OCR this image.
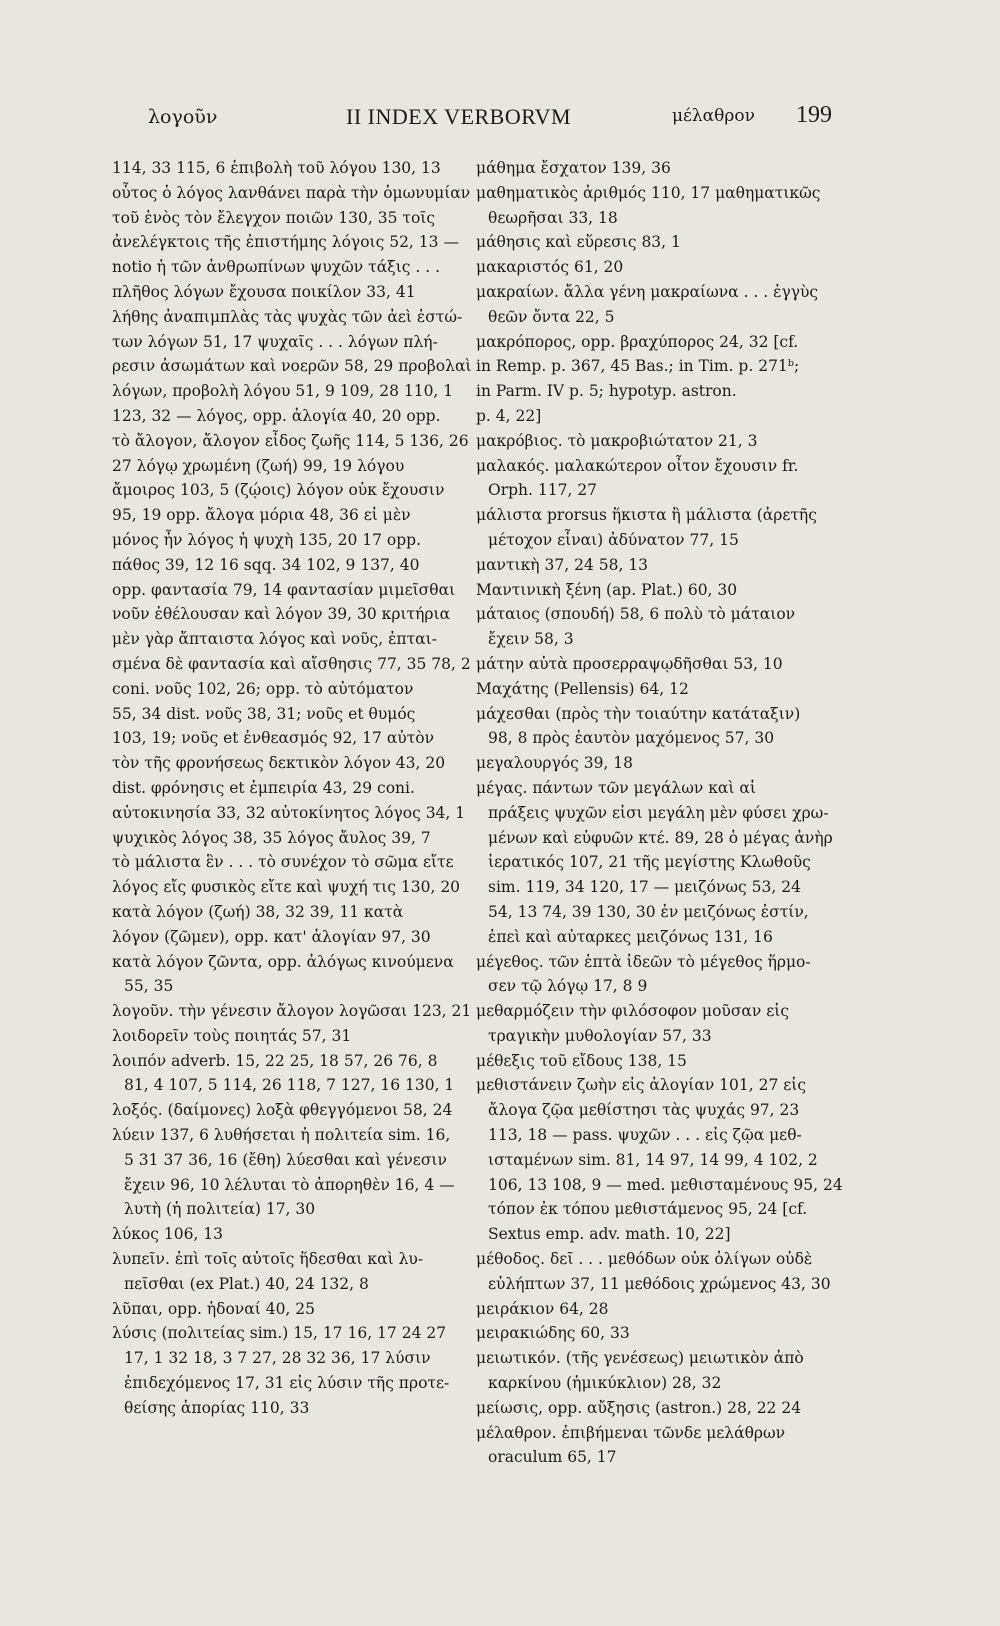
λογοῦν	II INDEX VERBORVM	μέλαθρον 199
114, 33 115, 6 ἐπιβολὴ τοῦ λόγου 130, 13
οὗτος ὁ λόγος λανθάνει παρὰ τὴν ὁμωνυμίαν
τοῦ ἑνὸς τὸν ἔλεγχον ποιῶν 130, 35 τοῖς
ἀνελέγκτοις τῆς ἐπιστήμης λόγοις 52, 13 —
notio ἡ τῶν ἀνθρωπίνων ψυχῶν τάξις . . .
πλῆθος λόγων ἔχουσα ποικίλον 33, 41
λήθης ἀναπιμπλὰς τὰς ψυχὰς τῶν ἀεὶ ἐστώ-
των λόγων 51, 17 ψυχαῖς . . . λόγων πλή-
ρεσιν ἀσωμάτων καὶ νοερῶν 58, 29 προβολαὶ
λόγων, προβολὴ λόγου 51, 9 109, 28 110, 1
123, 32 — λόγος, opp. ἀλογία 40, 20 opp.
τὸ ἄλογον, ἄλογον εἶδος ζωῆς 114, 5 136, 26
27 λόγῳ χρωμένη (ζωή) 99, 19 λόγου
ἄμοιρος 103, 5 (ζῴοις) λόγον οὐκ ἔχουσιν
95, 19 opp. ἄλογα μόρια 48, 36 εἰ μὲν
μόνος ἦν λόγος ἡ ψυχὴ 135, 20 17 opp.
πάθος 39, 12 16 sqq. 34 102, 9 137, 40
opp. φαντασία 79, 14 φαντασίαν μιμεῖσθαι
νοῦν ἐθέλουσαν καὶ λόγον 39, 30 κριτήρια
μὲν γὰρ ἄπταιστα λόγος καὶ νοῦς, ἐπται-
σμένα δὲ φαντασία καὶ αἴσθησις 77, 35 78, 2
coni. νοῦς 102, 26; opp. τὸ αὐτόματον
55, 34 dist. νοῦς 38, 31; νοῦς et θυμός
103, 19; νοῦς et ἐνθεασμός 92, 17 αὐτὸν
τὸν τῆς φρονήσεως δεκτικὸν λόγον 43, 20
dist. φρόνησις et ἐμπειρία 43, 29 coni.
αὐτοκινησία 33, 32 αὐτοκίνητος λόγος 34, 1
ψυχικὸς λόγος 38, 35 λόγος ἄυλος 39, 7
τὸ μάλιστα ἓν . . . τὸ συνέχον τὸ σῶμα εἴτε
λόγος εἴς φυσικὸς εἴτε καὶ ψυχή τις 130, 20
κατὰ λόγον (ζωή) 38, 32 39, 11 κατὰ
λόγον (ζῶμεν), opp. κατ' ἀλογίαν 97, 30
κατὰ λόγον ζῶντα, opp. ἀλόγως κινούμενα
55, 35
λογοῦν. τὴν γένεσιν ἄλογον λογῶσαι 123, 21
λοιδορεῖν τοὺς ποιητάς 57, 31
λοιπόν adverb. 15, 22 25, 18 57, 26 76, 8
81, 4 107, 5 114, 26 118, 7 127, 16 130, 1
λοξός. (δαίμονες) λοξὰ φθεγγόμενοι 58, 24
λύειν 137, 6 λυθήσεται ἡ πολιτεία sim. 16,
5 31 37 36, 16 (ἔθη) λύεσθαι καὶ γένεσιν
ἔχειν 96, 10 λέλυται τὸ ἀπορηθὲν 16, 4 —
λυτὴ (ἡ πολιτεία) 17, 30
λύκος 106, 13
λυπεῖν. ἐπὶ τοῖς αὐτοῖς ἥδεσθαι καὶ λυ-
πεῖσθαι (ex Plat.) 40, 24 132, 8
λῦπαι, opp. ἡδοναί 40, 25
λύσις (πολιτείας sim.) 15, 17 16, 17 24 27
17, 1 32 18, 3 7 27, 28 32 36, 17 λύσιν
ἐπιδεχόμενος 17, 31 εἰς λύσιν τῆς προτε-
θείσης ἀπορίας 110, 33
μάθημα ἔσχατον 139, 36
μαθηματικὸς ἀριθμός 110, 17 μαθηματικῶς
θεωρῆσαι 33, 18
μάθησις καὶ εὕρεσις 83, 1
μακαριστός 61, 20
μακραίων. ἄλλα γένη μακραίωνα . . . ἐγγὺς
θεῶν ὄντα 22, 5
μακρόπορος, opp. βραχύπορος 24, 32 [cf.
in Remp. p. 367, 45 Bas.; in Tim. p. 271ᵇ;
in Parm. IV p. 5; hypotyp. astron.
p. 4, 22]
μακρόβιος. τὸ μακροβιώτατον 21, 3
μαλακός. μαλακώτερον οἶτον ἔχουσιν fr.
Orph. 117, 27
μάλιστα prorsus ἥκιστα ἢ μάλιστα (ἀρετῆς
μέτοχον εἶναι) ἀδύνατον 77, 15
μαντικὴ 37, 24 58, 13
Μαντινικὴ ξένη (ap. Plat.) 60, 30
μάταιος (σπουδή) 58, 6 πολὺ τὸ μάταιον
ἔχειν 58, 3
μάτην αὐτὰ προσερραψῳδῆσθαι 53, 10
Μαχάτης (Pellensis) 64, 12
μάχεσθαι (πρὸς τὴν τοιαύτην κατάταξιν)
98, 8 πρὸς ἑαυτὸν μαχόμενος 57, 30
μεγαλουργός 39, 18
μέγας. πάντων τῶν μεγάλων καὶ αἱ
πράξεις ψυχῶν εἰσι μεγάλη μὲν φύσει χρω-
μένων καὶ εὐφυῶν κτέ. 89, 28 ὁ μέγας ἀνὴρ
ἱερατικός 107, 21 τῆς μεγίστης Κλωθοῦς
sim. 119, 34 120, 17 — μειζόνως 53, 24
54, 13 74, 39 130, 30 ἐν μειζόνως ἐστίν,
ἐπεὶ καὶ αὐταρκες μειζόνως 131, 16
μέγεθος. τῶν ἑπτὰ ἰδεῶν τὸ μέγεθος ἥρμο-
σεν τῷ λόγῳ 17, 8 9
μεθαρμόζειν τὴν φιλόσοφον μοῦσαν εἰς
τραγικὴν μυθολογίαν 57, 33
μέθεξις τοῦ εἴδους 138, 15
μεθιστάνειν ζωὴν εἰς ἀλογίαν 101, 27 εἰς
ἄλογα ζῷα μεθίστησι τὰς ψυχάς 97, 23
113, 18 — pass. ψυχῶν . . . εἰς ζῷα μεθ-
ισταμένων sim. 81, 14 97, 14 99, 4 102, 2
106, 13 108, 9 — med. μεθισταμένους 95, 24
τόπον ἐκ τόπου μεθιστάμενος 95, 24 [cf.
Sextus emp. adv. math. 10, 22]
μέθοδος. δεῖ . . . μεθόδων οὐκ ὀλίγων οὐδὲ
εὐλήπτων 37, 11 μεθόδοις χρώμενος 43, 30
μειράκιον 64, 28
μειρακιώδης 60, 33
μειωτικόν. (τῆς γενέσεως) μειωτικὸν ἀπὸ
καρκίνου (ἡμικύκλιον) 28, 32
μείωσις, opp. αὔξησις (astron.) 28, 22 24
μέλαθρον. ἐπιβήμεναι τῶνδε μελάθρων
oraculum 65, 17
